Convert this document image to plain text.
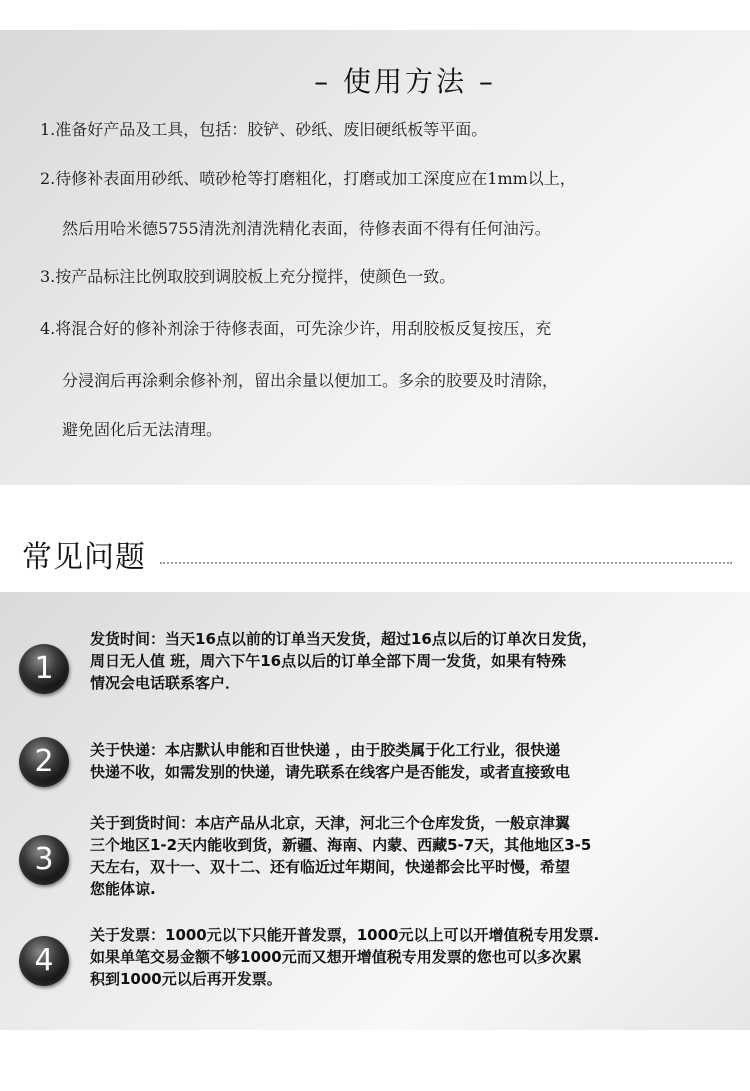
– 使用方法 –
1.准备好产品及工具，包括：胶铲、砂纸、废旧硬纸板等平面。
2.待修补表面用砂纸、喷砂枪等打磨粗化，打磨或加工深度应在1mm以上，
然后用哈米德5755清洗剂清洗精化表面，待修表面不得有任何油污。
3.按产品标注比例取胶到调胶板上充分搅拌，使颜色一致。
4.将混合好的修补剂涂于待修表面，可先涂少许，用刮胶板反复按压，充
分浸润后再涂剩余修补剂，留出余量以便加工。多余的胶要及时清除，
避免固化后无法清理。
常见问题
1
发货时间：当天16点以前的订单当天发货，超过16点以后的订单次日发货，
周日无人值 班，周六下午16点以后的订单全部下周一发货，如果有特殊
情况会电话联系客户．
2	关于快递：本店默认申能和百世快递 ，由于胶类属于化工行业，很快递
快递不收，如需发别的快递，请先联系在线客户是否能发，或者直接致电
3
关于到货时间：本店产品从北京，天津，河北三个仓库发货，一般京津翼
三个地区1-2天内能收到货，新疆、海南、内蒙、西藏5-7天，其他地区3-5
天左右，双十一、双十二、还有临近过年期间，快递都会比平时慢，希望
您能体谅.
4
关于发票：1000元以下只能开普发票，1000元以上可以开增值税专用发票.
如果单笔交易金额不够1000元而又想开增值税专用发票的您也可以多次累
积到1000元以后再开发票。
